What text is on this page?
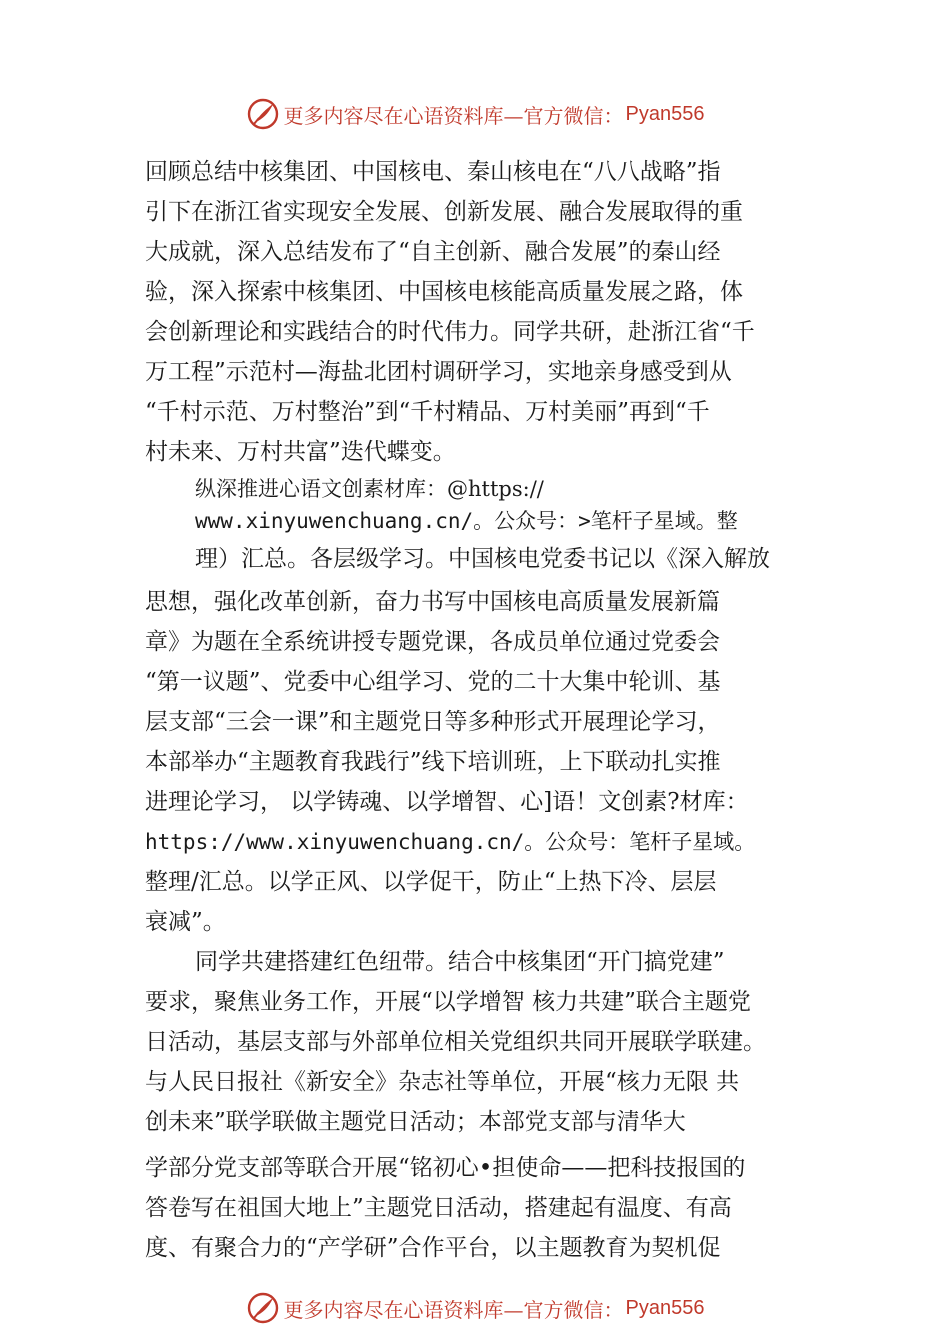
更多内容尽在心语资料库—官方微信： Pyan556
回顾总结中核集团、中国核电、秦山核电在“八八战略”指
引下在浙江省实现安全发展、创新发展、融合发展取得的重
大成就，深入总结发布了“自主创新、融合发展”的秦山经
验，深入探索中核集团、中国核电核能高质量发展之路，体
会创新理论和实践结合的时代伟力。同学共研，赴浙江省“千
万工程”示范村—海盐北团村调研学习，实地亲身感受到从
“千村示范、万村整治”到“千村精品、万村美丽”再到“千
村未来、万村共富”迭代蝶变。
纵深推进心语文创素材库：@https://
www.xinyuwenchuang.cn/。公众号：>笔杆子星域。整
理）汇总。各层级学习。中国核电党委书记以《深入解放
思想，强化改革创新，奋力书写中国核电高质量发展新篇
章》为题在全系统讲授专题党课，各成员单位通过党委会
“第一议题”、党委中心组学习、党的二十大集中轮训、基
层支部“三会一课”和主题党日等多种形式开展理论学习，
本部举办“主题教育我践行”线下培训班，上下联动扎实推
进理论学习， 以学铸魂、以学增智、心]语！文创素?材库：
https://www.xinyuwenchuang.cn/。公众号：笔杆子星域。
整理/汇总。以学正风、以学促干，防止“上热下冷、层层
衰减”。
同学共建搭建红色纽带。结合中核集团“开门搞党建”
要求，聚焦业务工作，开展“以学增智 核力共建”联合主题党
日活动，基层支部与外部单位相关党组织共同开展联学联建。
与人民日报社《新安全》杂志社等单位，开展“核力无限 共
创未来”联学联做主题党日活动；本部党支部与清华大
学部分党支部等联合开展“铭初心•担使命——把科技报国的
答卷写在祖国大地上”主题党日活动，搭建起有温度、有高
度、有聚合力的“产学研”合作平台，以主题教育为契机促
更多内容尽在心语资料库—官方微信： Pyan556
